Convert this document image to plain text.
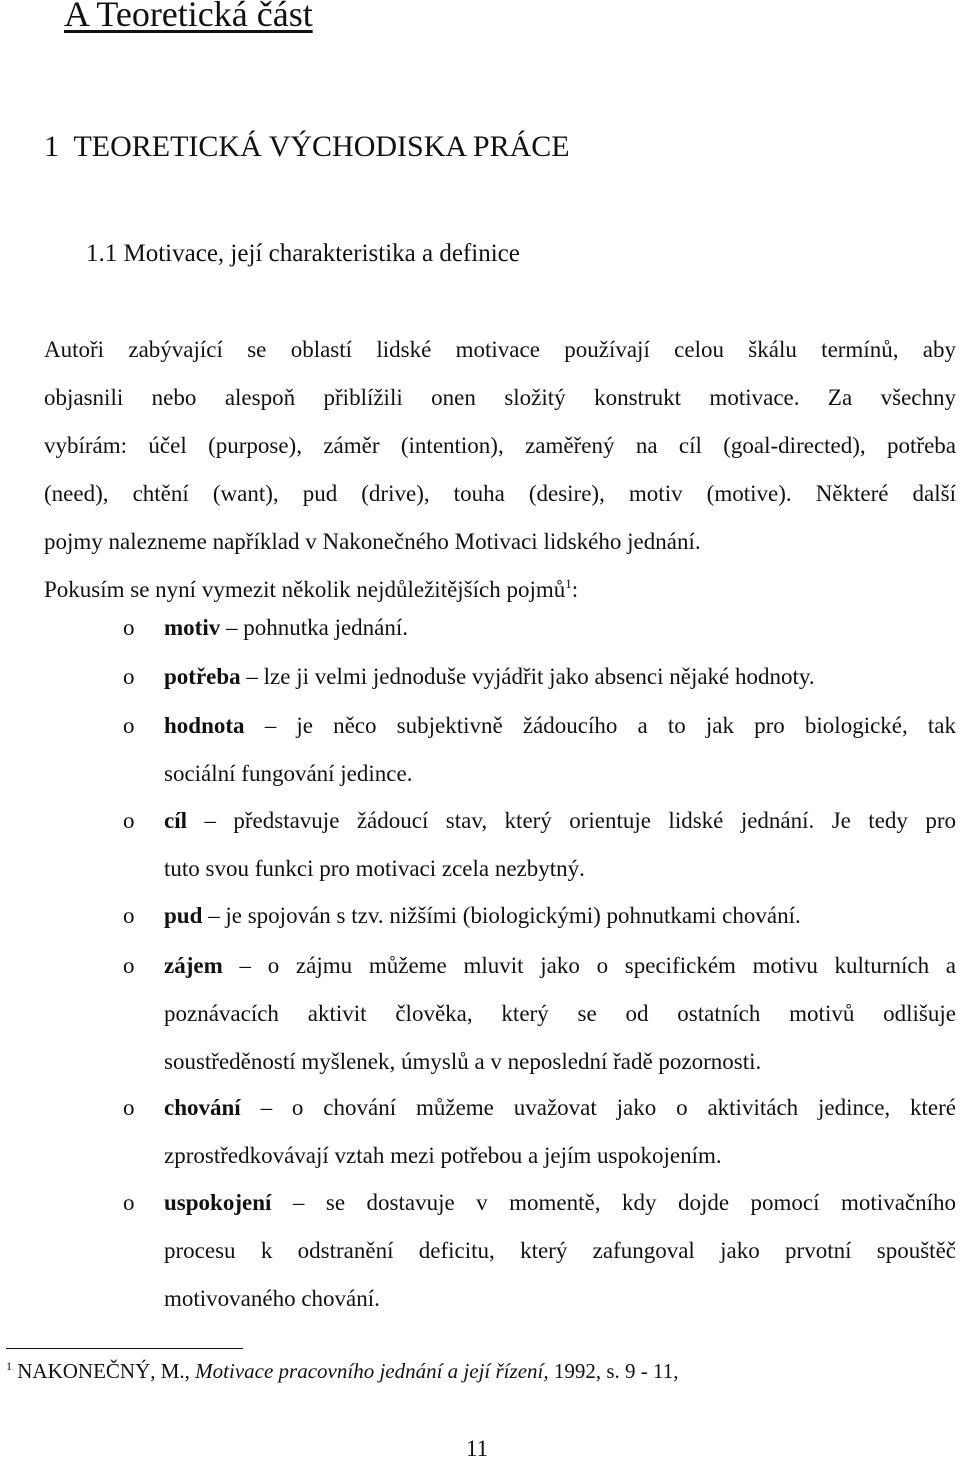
A Teoretická část
1  TEORETICKÁ VÝCHODISKA PRÁCE
1.1 Motivace, její charakteristika a definice
Autoři zabývající se oblastí lidské motivace používají celou škálu termínů, aby
objasnili nebo alespoň přiblížili onen složitý konstrukt motivace. Za všechny
vybírám: účel (purpose), záměr (intention), zaměřený na cíl (goal-directed), potřeba
(need), chtění (want), pud (drive), touha (desire), motiv (motive). Některé další
pojmy nalezneme například v Nakonečného Motivaci lidského jednání.
Pokusím se nyní vymezit několik nejdůležitějších pojmů$^1$:
o motiv – pohnutka jednání.
o potřeba – lze ji velmi jednoduše vyjádřit jako absenci nějaké hodnoty.
o hodnota – je něco subjektivně žádoucího a to jak pro biologické, tak
sociální fungování jedince.
o cíl – představuje žádoucí stav, který orientuje lidské jednání. Je tedy pro
tuto svou funkci pro motivaci zcela nezbytný.
o pud – je spojován s tzv. nižšími (biologickými) pohnutkami chování.
o zájem – o zájmu můžeme mluvit jako o specifickém motivu kulturních a
poznávacích aktivit člověka, který se od ostatních motivů odlišuje
soustředěností myšlenek, úmyslů a v neposlední řadě pozornosti.
o chování – o chování můžeme uvažovat jako o aktivitách jedince, které
zprostředkovávají vztah mezi potřebou a jejím uspokojením.
o uspokojení – se dostavuje v momentě, kdy dojde pomocí motivačního
procesu k odstranění deficitu, který zafungoval jako prvotní spouštěč
motivovaného chování.
$^1$ NAKONEČNÝ, M., Motivace pracovního jednání a její řízení, 1992, s. 9 - 11,
11
